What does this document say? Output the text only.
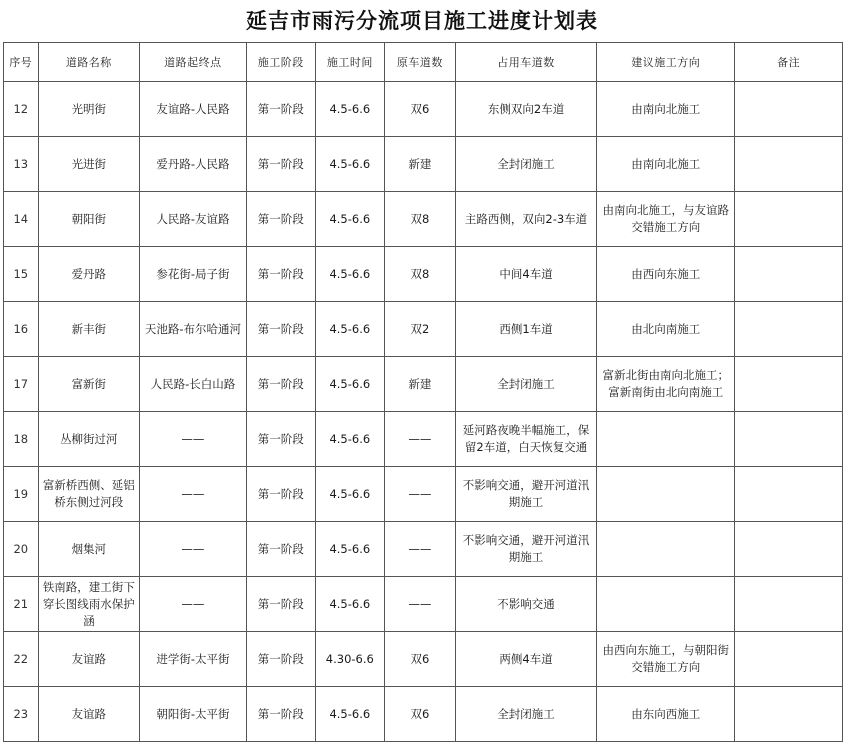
延吉市雨污分流项目施工进度计划表
序号	道路名称	道路起终点	施工阶段	施工时间	原车道数	占用车道数	建议施工方向	备注
12	光明街	友谊路-人民路	第一阶段	4.5-6.6	双6	东侧双向2车道	由南向北施工	
13	光进街	爱丹路-人民路	第一阶段	4.5-6.6	新建	全封闭施工	由南向北施工	
14	朝阳街	人民路-友谊路	第一阶段	4.5-6.6	双8	主路西侧，双向2-3车道	由南向北施工，与友谊路交错施工方向	
15	爱丹路	参花街-局子街	第一阶段	4.5-6.6	双8	中间4车道	由西向东施工	
16	新丰街	天池路-布尔哈通河	第一阶段	4.5-6.6	双2	西侧1车道	由北向南施工	
17	富新街	人民路-长白山路	第一阶段	4.5-6.6	新建	全封闭施工	富新北街由南向北施工；富新南街由北向南施工	
18	丛柳街过河	——	第一阶段	4.5-6.6	——	延河路夜晚半幅施工，保留2车道，白天恢复交通		
19	富新桥西侧、延铝桥东侧过河段	——	第一阶段	4.5-6.6	——	不影响交通，避开河道汛期施工		
20	烟集河	——	第一阶段	4.5-6.6	——	不影响交通，避开河道汛期施工		
21	铁南路，建工街下穿长图线雨水保护涵	——	第一阶段	4.5-6.6	——	不影响交通		
22	友谊路	进学街-太平街	第一阶段	4.30-6.6	双6	两侧4车道	由西向东施工，与朝阳街交错施工方向	
23	友谊路	朝阳街-太平街	第一阶段	4.5-6.6	双6	全封闭施工	由东向西施工	
